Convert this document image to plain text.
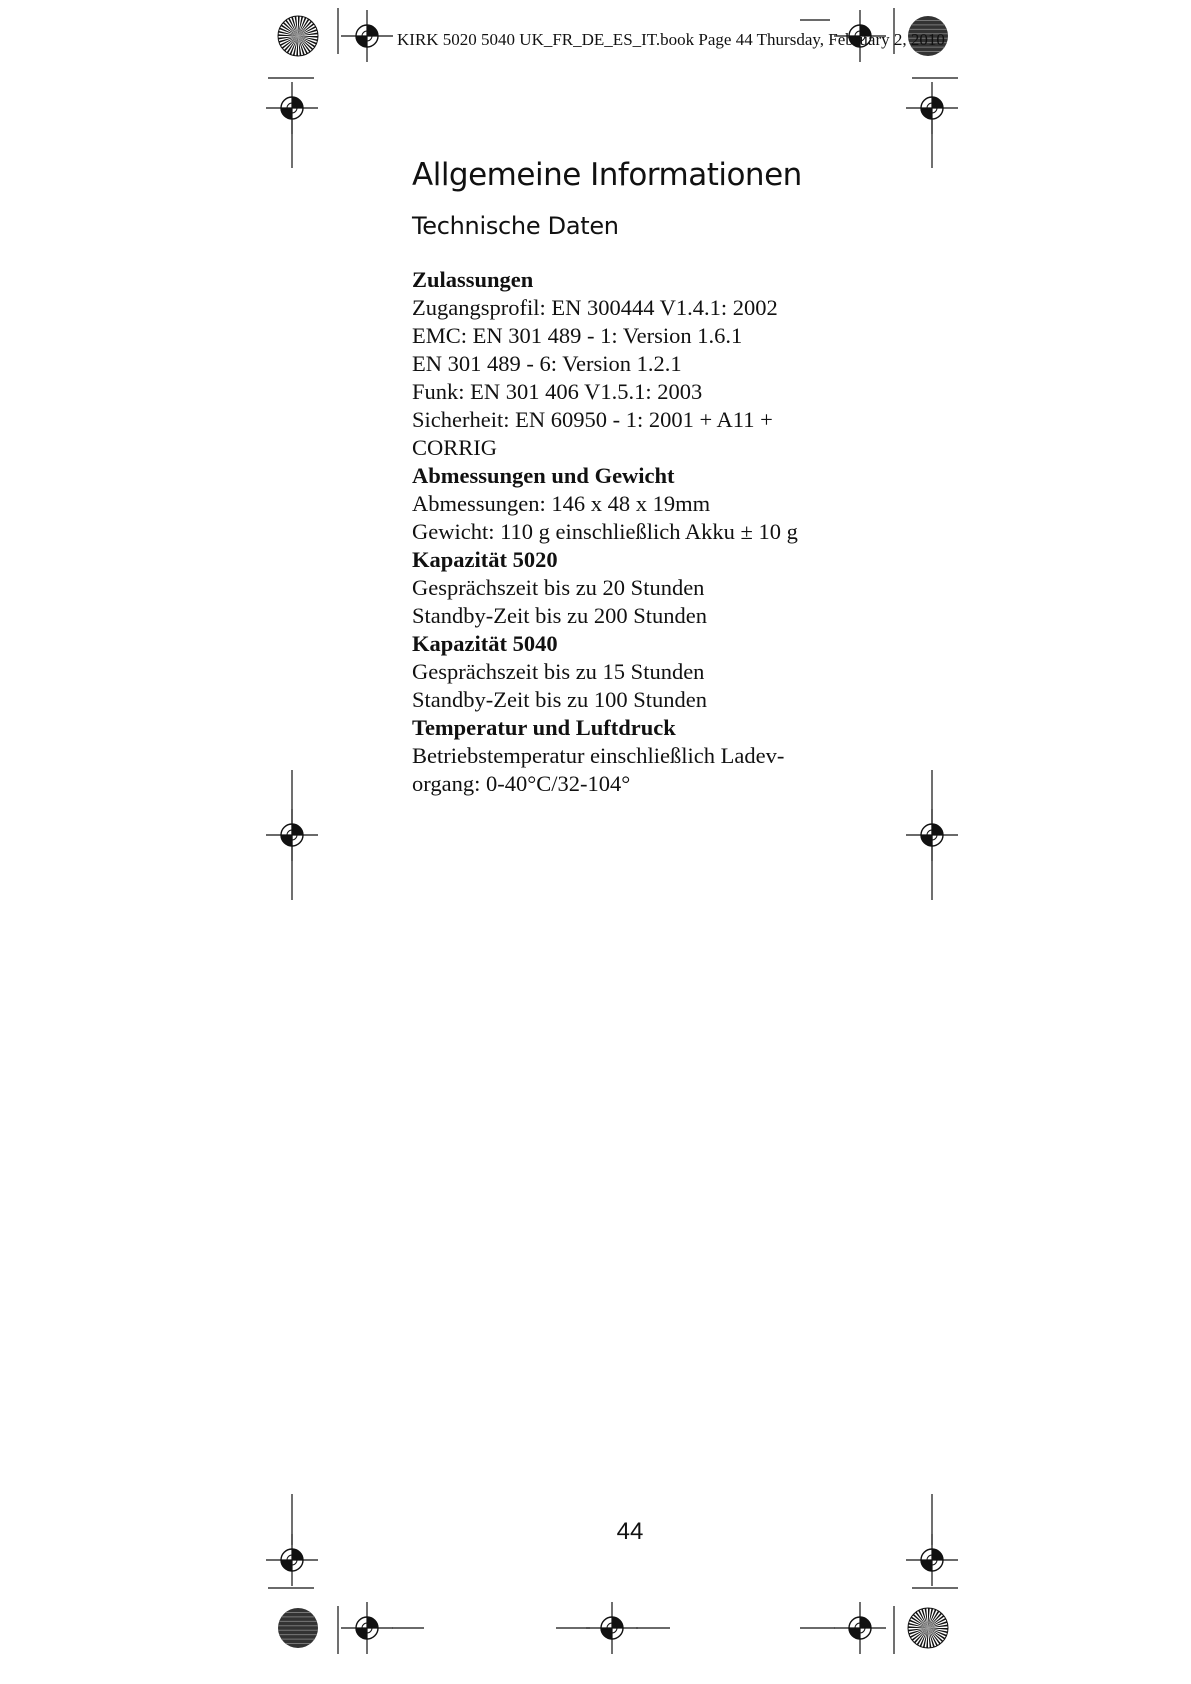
KIRK 5020 5040 UK_FR_DE_ES_IT.book Page 44 Thursday, February 2, 2010
Allgemeine Informationen
Technische Daten
Zulassungen
Zugangsprofil: EN 300444 V1.4.1: 2002
EMC: EN 301 489 - 1: Version 1.6.1
EN 301 489 - 6: Version 1.2.1
Funk: EN 301 406 V1.5.1: 2003
Sicherheit: EN 60950 - 1: 2001 + A11 +
CORRIG
Abmessungen und Gewicht
Abmessungen: 146 x 48 x 19mm
Gewicht: 110 g einschließlich Akku ± 10 g
Kapazität 5020
Gesprächszeit bis zu 20 Stunden
Standby-Zeit bis zu 200 Stunden
Kapazität 5040
Gesprächszeit bis zu 15 Stunden
Standby-Zeit bis zu 100 Stunden
Temperatur und Luftdruck
Betriebstemperatur einschließlich Ladev-
organg: 0-40°C/32-104°
44
